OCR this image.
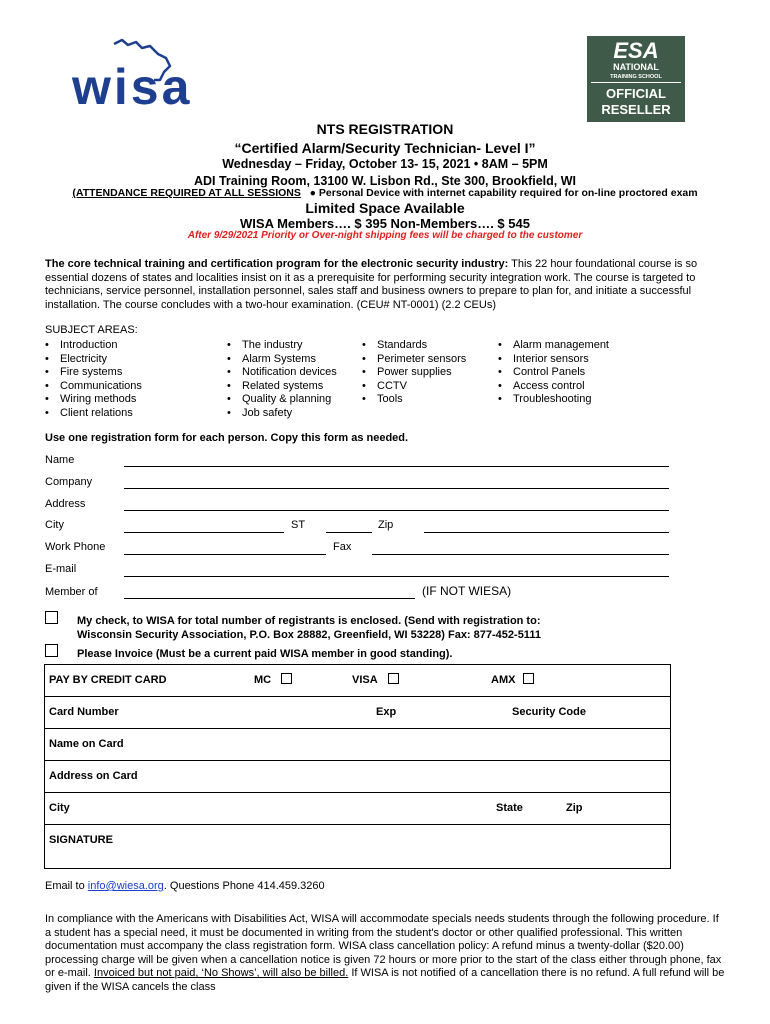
wisa
ESA
NATIONAL
TRAINING SCHOOL
OFFICIAL
RESELLER
NTS REGISTRATION
“Certified Alarm/Security Technician- Level I”
Wednesday – Friday, October 13- 15, 2021 • 8AM – 5PM
ADI Training Room, 13100 W. Lisbon Rd., Ste 300, Brookfield, WI
(ATTENDANCE REQUIRED AT ALL SESSIONS ● Personal Device with internet capability required for on-line proctored exam
Limited Space Available
WISA Members…. $ 395 Non-Members…. $ 545
After 9/29/2021 Priority or Over-night shipping fees will be charged to the customer
The core technical training and certification program for the electronic security industry: This 22 hour foundational course is so essential dozens of states and localities insist on it as a prerequisite for performing security integration work. The course is targeted to technicians, service personnel, installation personnel, sales staff and business owners to prepare to plan for, and initiate a successful installation. The course concludes with a two-hour examination. (CEU# NT-0001) (2.2 CEUs)
SUBJECT AREAS:
• Introduction
• Electricity
• Fire systems
• Communications
• Wiring methods
• Client relations
• The industry
• Alarm Systems
• Notification devices
• Related systems
• Quality & planning
• Job safety
• Standards
• Perimeter sensors
• Power supplies
• CCTV
• Tools
• Alarm management
• Interior sensors
• Control Panels
• Access control
• Troubleshooting
Use one registration form for each person. Copy this form as needed.
Name
Company
Address
City	ST	Zip
Work Phone	Fax
E-mail
Member of	(IF NOT WIESA)
My check, to WISA for total number of registrants is enclosed. (Send with registration to:
Wisconsin Security Association, P.O. Box 28882, Greenfield, WI 53228) Fax: 877-452-5111
Please Invoice (Must be a current paid WISA member in good standing).
PAY BY CREDIT CARD	MC	VISA	AMX
Card Number	Exp	Security Code
Name on Card
Address on Card
City	State	Zip
SIGNATURE
Email to info@wiesa.org. Questions Phone 414.459.3260
In compliance with the Americans with Disabilities Act, WISA will accommodate specials needs students through the following procedure. If a student has a special need, it must be documented in writing from the student's doctor or other qualified professional. This written documentation must accompany the class registration form. WISA class cancellation policy: A refund minus a twenty-dollar ($20.00) processing charge will be given when a cancellation notice is given 72 hours or more prior to the start of the class either through phone, fax or e-mail. Invoiced but not paid, ‘No Shows’, will also be billed. If WISA is not notified of a cancellation there is no refund. A full refund will be given if the WISA cancels the class
